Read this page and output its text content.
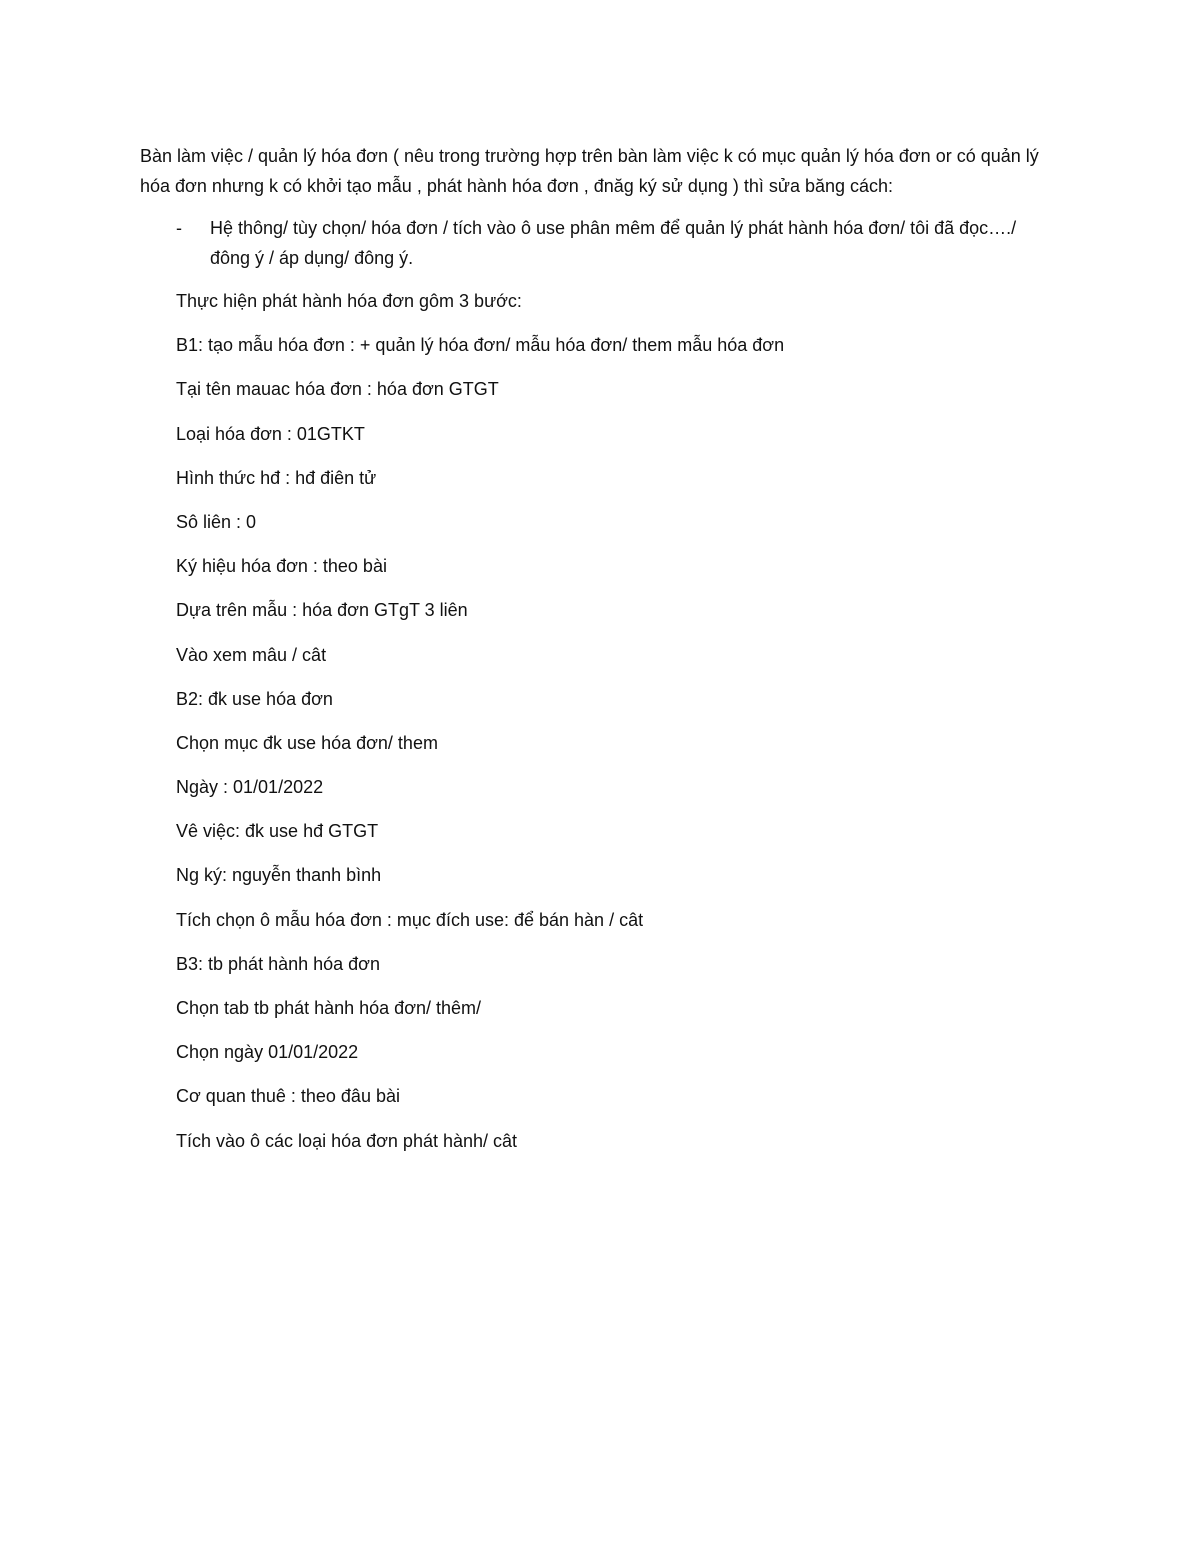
Bàn làm việc / quản lý hóa đơn ( nêu trong trường hợp trên bàn làm việc k có mục quản lý hóa đơn or có quản lý hóa đơn nhưng k có khởi tạo mẫu , phát hành hóa đơn , đnăg ký sử dụng ) thì sửa băng cách:

- Hệ thông/ tùy chọn/ hóa đơn / tích vào ô use phân mêm để quản lý phát hành hóa đơn/ tôi đã đọc…./ đông ý / áp dụng/ đông ý.

Thực hiện phát hành hóa đơn gôm 3 bước:
B1: tạo mẫu hóa đơn : + quản lý hóa đơn/ mẫu hóa đơn/ them mẫu hóa đơn
Tại tên mauac hóa đơn : hóa đơn GTGT
Loại hóa đơn : 01GTKT
Hình thức hđ : hđ điên tử
Sô liên : 0
Ký hiệu hóa đơn : theo bài
Dựa trên mẫu : hóa đơn GTgT 3 liên
Vào xem mâu / cât
B2: đk use hóa đơn
Chọn mục đk use hóa đơn/ them
Ngày : 01/01/2022
Vê việc: đk use hđ GTGT
Ng ký: nguyễn thanh bình
Tích chọn ô mẫu hóa đơn : mục đích use: để bán hàn / cât
B3: tb phát hành hóa đơn
Chọn tab tb phát hành hóa đơn/ thêm/
Chọn ngày 01/01/2022
Cơ quan thuê : theo đâu bài
Tích vào ô các loại hóa đơn phát hành/ cât
